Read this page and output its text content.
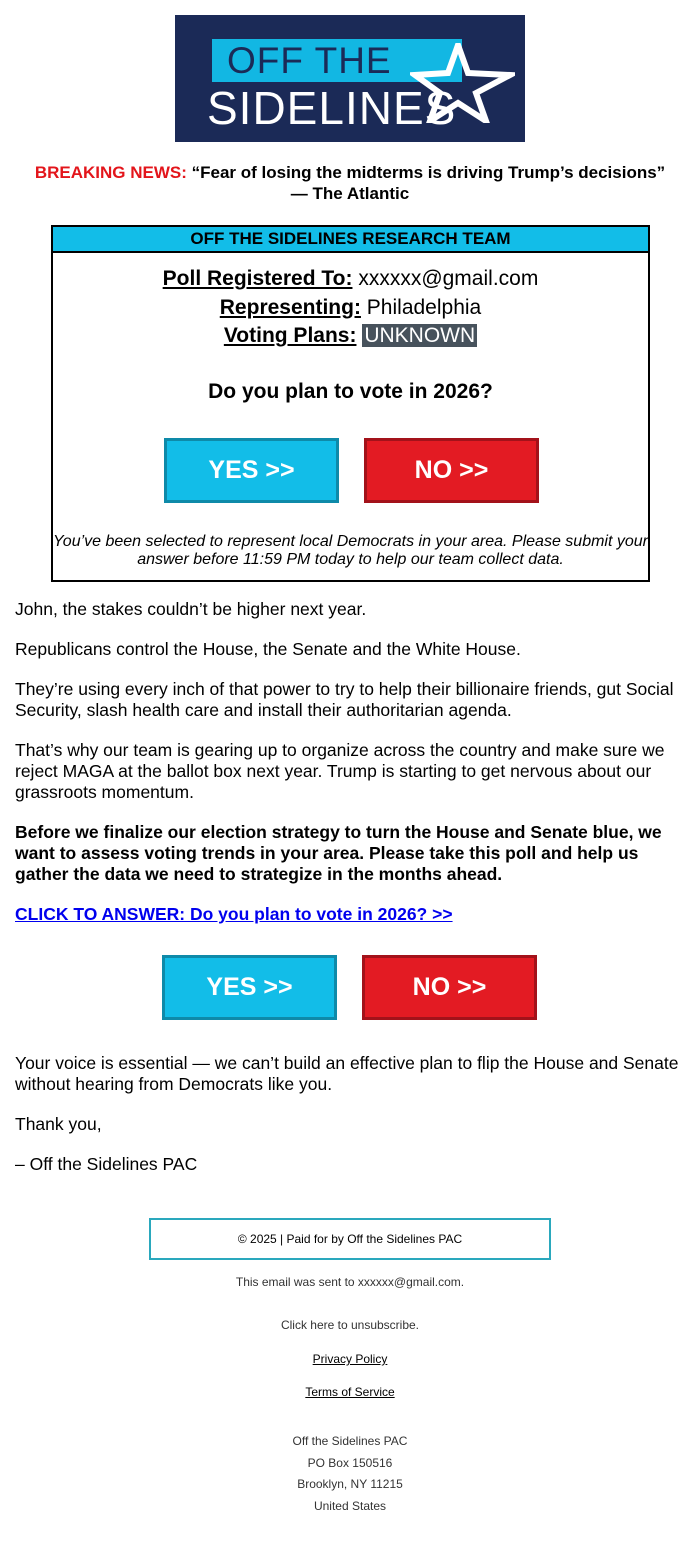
OFF THE
SIDELINES
BREAKING NEWS: “Fear of losing the midterms is driving Trump’s decisions”
— The Atlantic
OFF THE SIDELINES RESEARCH TEAM
Poll Registered To: xxxxxx@gmail.com
Representing: Philadelphia
Voting Plans: UNKNOWN
Do you plan to vote in 2026?
YES >>	NO >>
You’ve been selected to represent local Democrats in your area. Please submit your answer before 11:59 PM today to help our team collect data.

John, the stakes couldn’t be higher next year.

Republicans control the House, the Senate and the White House.

They’re using every inch of that power to try to help their billionaire friends, gut Social Security, slash health care and install their authoritarian agenda.

That’s why our team is gearing up to organize across the country and make sure we reject MAGA at the ballot box next year. Trump is starting to get nervous about our grassroots momentum.

Before we finalize our election strategy to turn the House and Senate blue, we want to assess voting trends in your area. Please take this poll and help us gather the data we need to strategize in the months ahead.

CLICK TO ANSWER: Do you plan to vote in 2026? >>

YES >>	NO >>

Your voice is essential — we can’t build an effective plan to flip the House and Senate without hearing from Democrats like you.

Thank you,

– Off the Sidelines PAC

© 2025 | Paid for by Off the Sidelines PAC
This email was sent to xxxxxx@gmail.com.
Click here to unsubscribe.
Privacy Policy
Terms of Service
Off the Sidelines PAC
PO Box 150516
Brooklyn, NY 11215
United States
